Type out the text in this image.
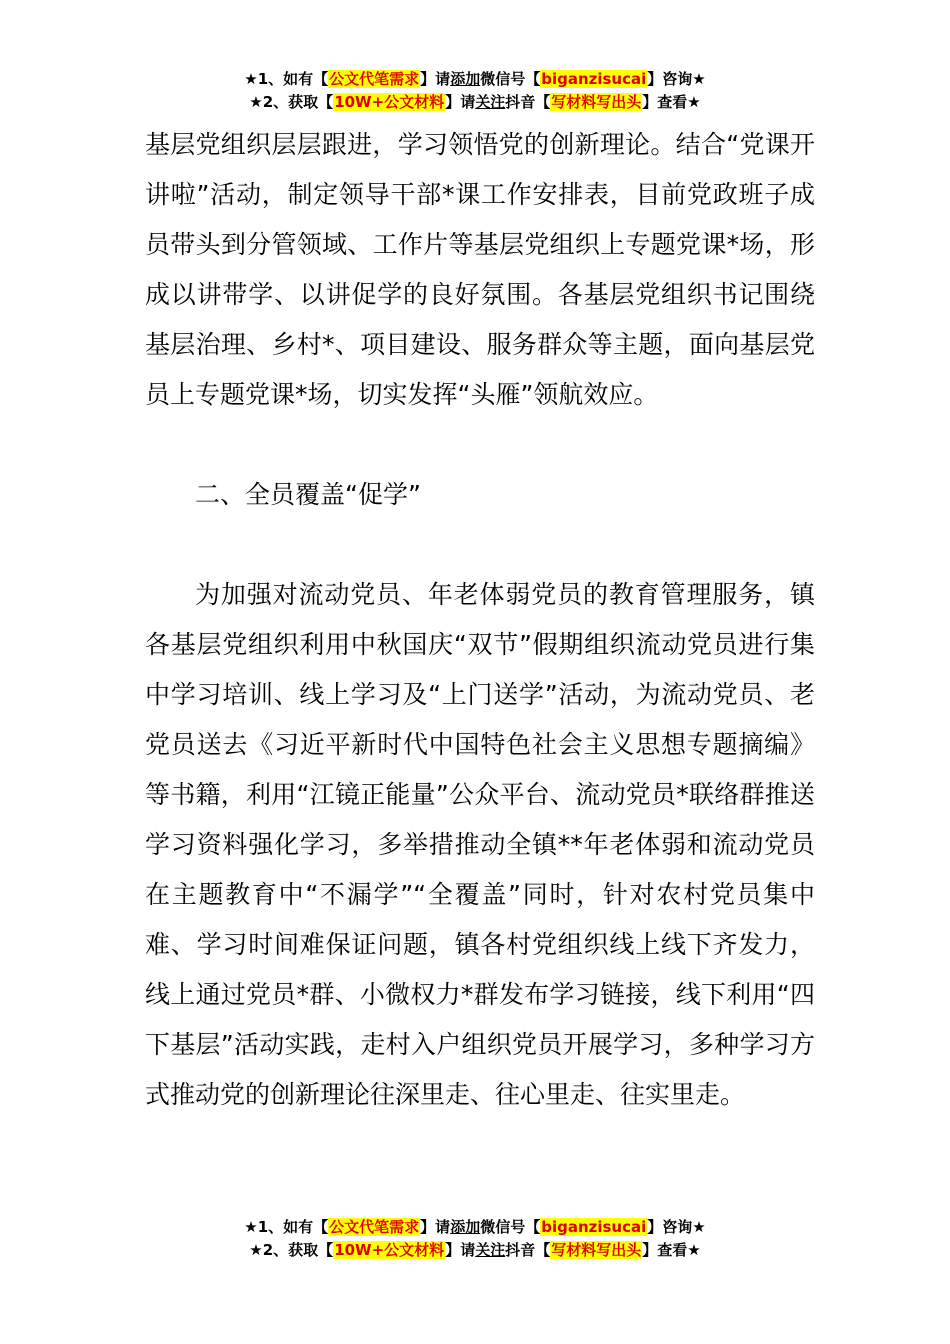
★1、如有【公文代笔需求】请添加微信号【biganzisucai】咨询★
★2、获取【10W+公文材料】请关注抖音【写材料写出头】查看★

基层党组织层层跟进，学习领悟党的创新理论。结合“党课开讲啦”活动，制定领导干部*课工作安排表，目前党政班子成员带头到分管领域、工作片等基层党组织上专题党课*场，形成以讲带学、以讲促学的良好氛围。各基层党组织书记围绕基层治理、乡村*、项目建设、服务群众等主题，面向基层党员上专题党课*场，切实发挥“头雁”领航效应。

二、全员覆盖“促学”

为加强对流动党员、年老体弱党员的教育管理服务，镇各基层党组织利用中秋国庆“双节”假期组织流动党员进行集中学习培训、线上学习及“上门送学”活动，为流动党员、老党员送去《习近平新时代中国特色社会主义思想专题摘编》等书籍，利用“江镜正能量”公众平台、流动党员*联络群推送学习资料强化学习，多举措推动全镇**年老体弱和流动党员在主题教育中“不漏学”“全覆盖”同时，针对农村党员集中难、学习时间难保证问题，镇各村党组织线上线下齐发力，线上通过党员*群、小微权力*群发布学习链接，线下利用“四下基层”活动实践，走村入户组织党员开展学习，多种学习方式推动党的创新理论往深里走、往心里走、往实里走。

★1、如有【公文代笔需求】请添加微信号【biganzisucai】咨询★
★2、获取【10W+公文材料】请关注抖音【写材料写出头】查看★
